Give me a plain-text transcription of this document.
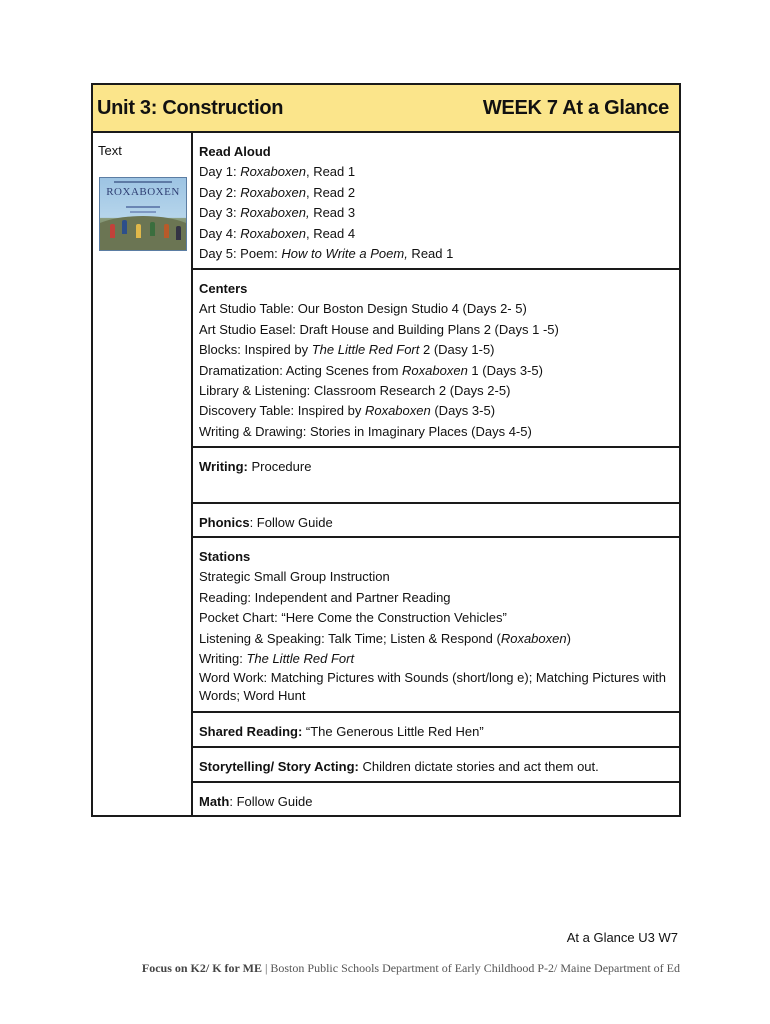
Unit 3: Construction	WEEK 7 At a Glance
Text
ROXABOXEN
Read Aloud
Day 1: Roxaboxen, Read 1
Day 2: Roxaboxen, Read 2
Day 3: Roxaboxen, Read 3
Day 4: Roxaboxen, Read 4
Day 5: Poem: How to Write a Poem, Read 1
Centers
Art Studio Table: Our Boston Design Studio 4 (Days 2- 5)
Art Studio Easel: Draft House and Building Plans 2 (Days 1 -5)
Blocks: Inspired by The Little Red Fort 2 (Dasy 1-5)
Dramatization: Acting Scenes from Roxaboxen 1 (Days 3-5)
Library & Listening: Classroom Research 2 (Days 2-5)
Discovery Table: Inspired by Roxaboxen (Days 3-5)
Writing & Drawing: Stories in Imaginary Places (Days 4-5)
Writing: Procedure
Phonics: Follow Guide
Stations
Strategic Small Group Instruction
Reading: Independent and Partner Reading
Pocket Chart: “Here Come the Construction Vehicles”
Listening & Speaking: Talk Time; Listen & Respond (Roxaboxen)
Writing: The Little Red Fort
Word Work: Matching Pictures with Sounds (short/long e); Matching Pictures with Words; Word Hunt
Shared Reading: “The Generous Little Red Hen”
Storytelling/ Story Acting: Children dictate stories and act them out.
Math: Follow Guide
At a Glance U3 W7
Focus on K2/ K for ME | Boston Public Schools Department of Early Childhood P-2/ Maine Department of Ed
